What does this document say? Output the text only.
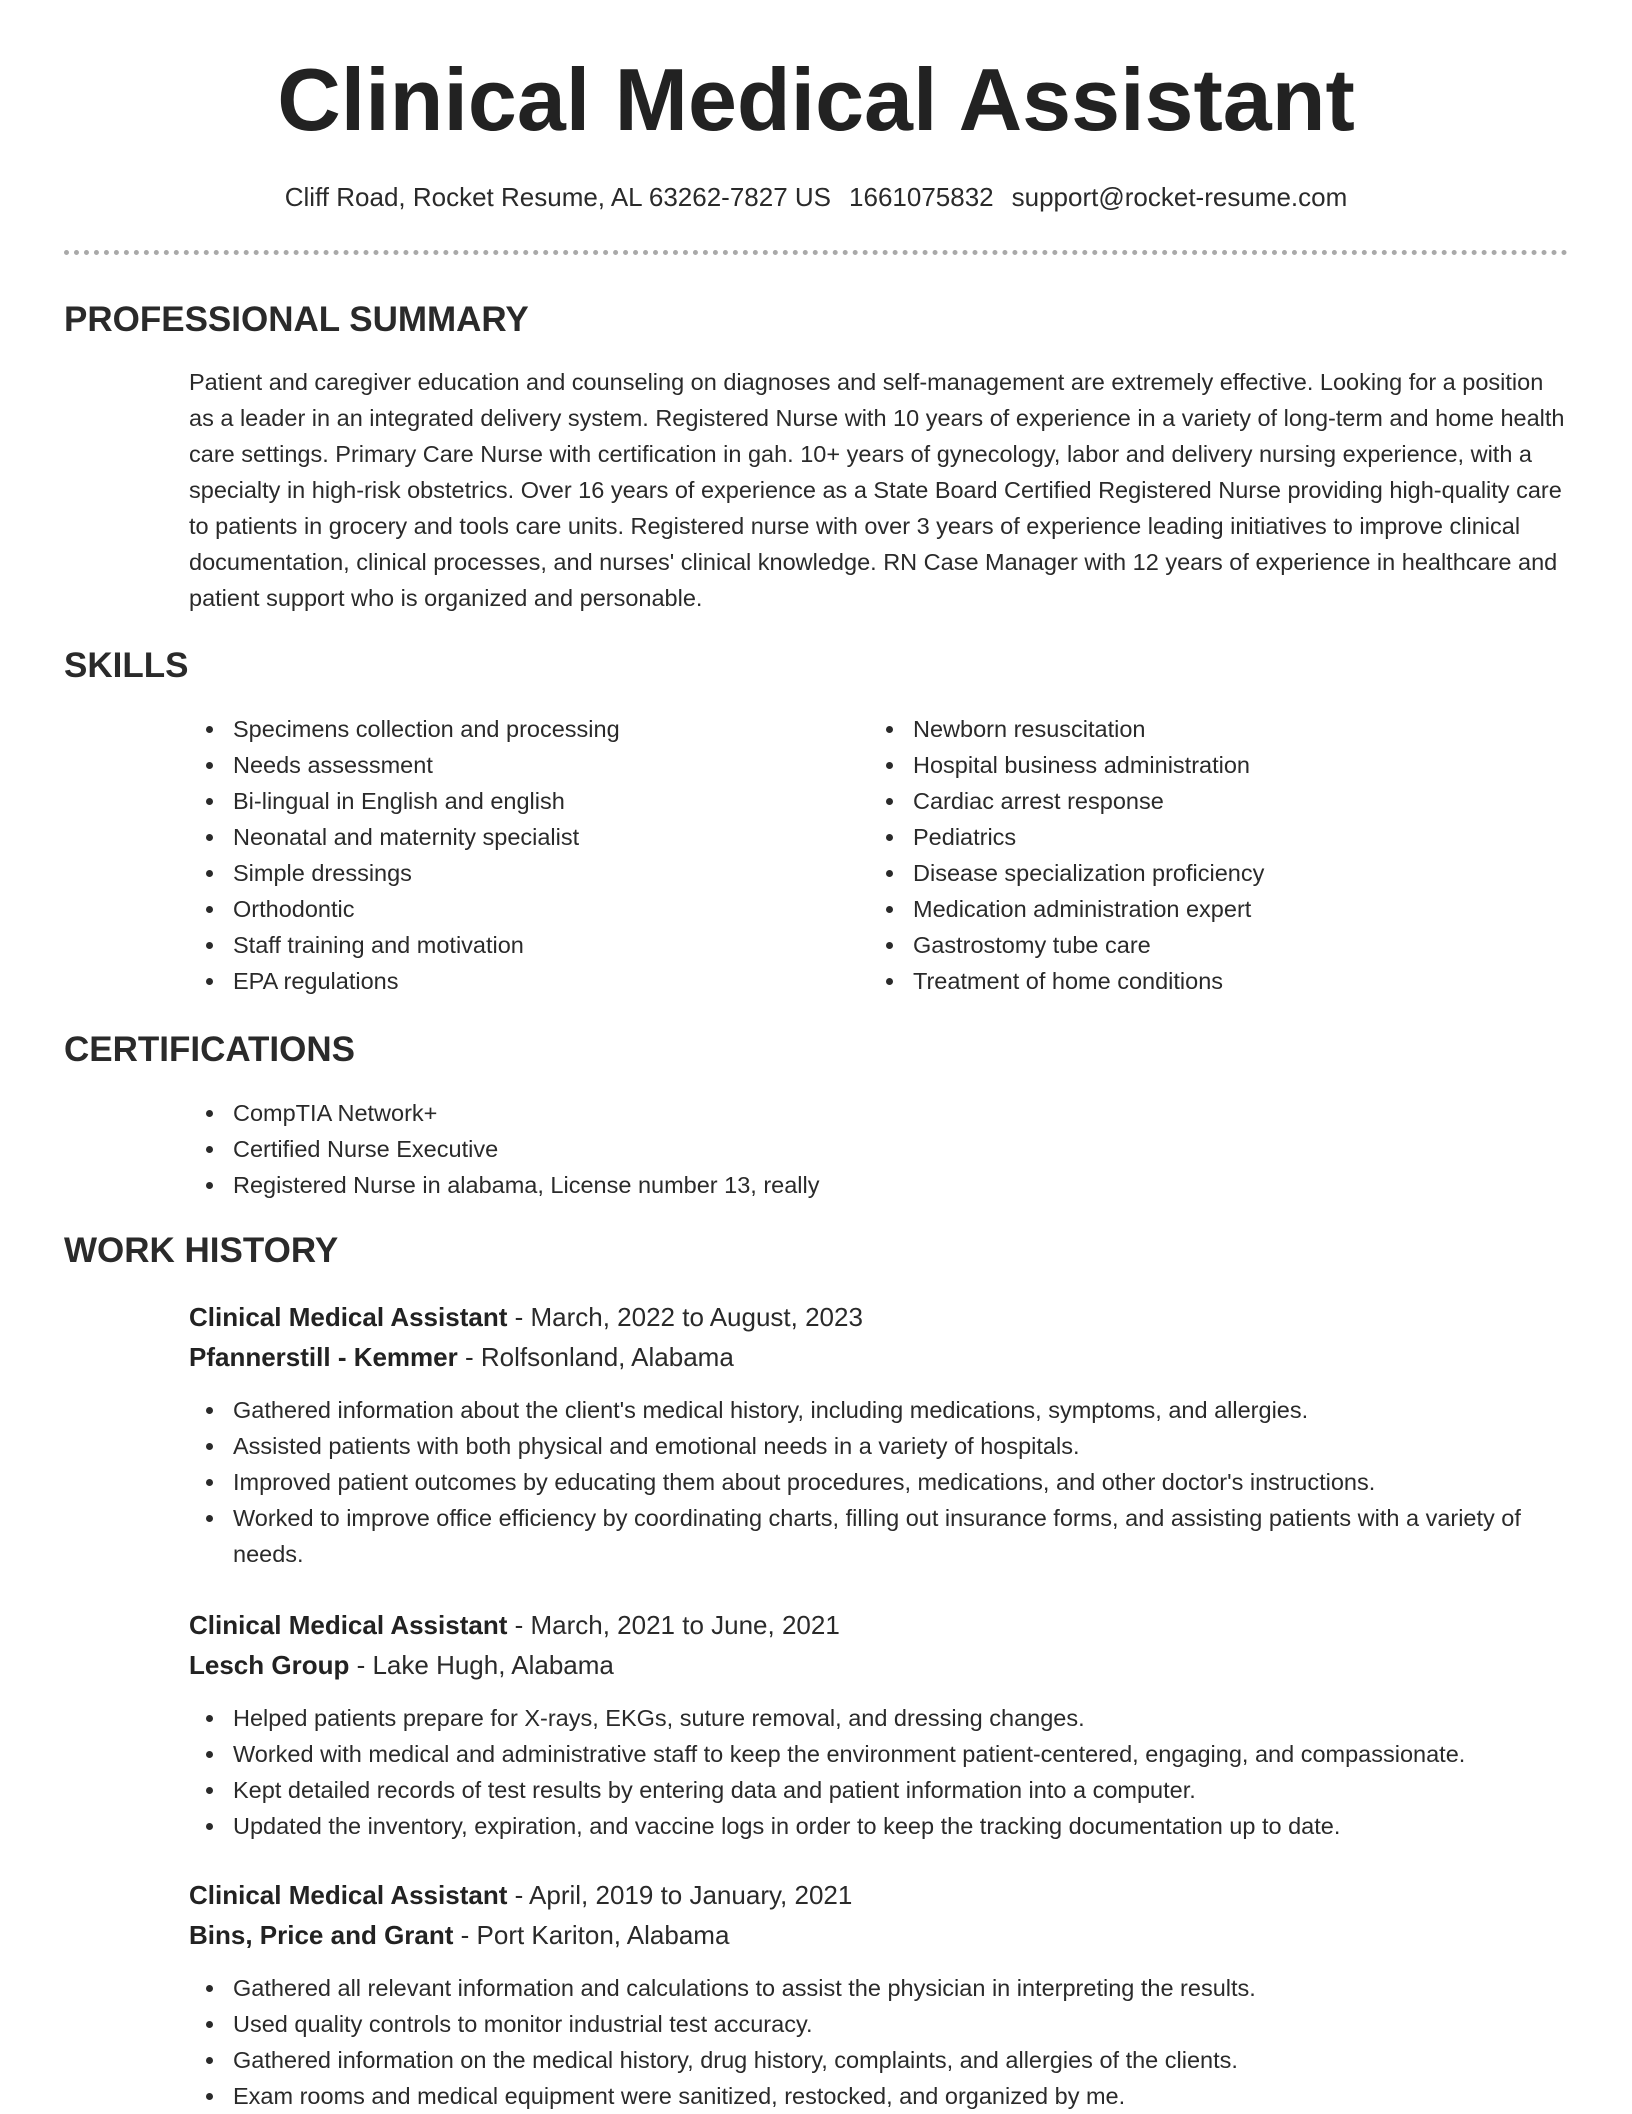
Clinical Medical Assistant
Cliff Road, Rocket Resume, AL 63262-7827 US 1661075832 support@rocket-resume.com
PROFESSIONAL SUMMARY

Patient and caregiver education and counseling on diagnoses and self-management are extremely effective. Looking for a position as a leader in an integrated delivery system. Registered Nurse with 10 years of experience in a variety of long-term and home health care settings. Primary Care Nurse with certification in gah. 10+ years of gynecology, labor and delivery nursing experience, with a specialty in high-risk obstetrics. Over 16 years of experience as a State Board Certified Registered Nurse providing high-quality care to patients in grocery and tools care units. Registered nurse with over 3 years of experience leading initiatives to improve clinical documentation, clinical processes, and nurses' clinical knowledge. RN Case Manager with 12 years of experience in healthcare and patient support who is organized and personable.

SKILLS
Specimens collection and processing
Needs assessment
Bi-lingual in English and english
Neonatal and maternity specialist
Simple dressings
Orthodontic
Staff training and motivation
EPA regulations
Newborn resuscitation
Hospital business administration
Cardiac arrest response
Pediatrics
Disease specialization proficiency
Medication administration expert
Gastrostomy tube care
Treatment of home conditions
CERTIFICATIONS
CompTIA Network+
Certified Nurse Executive
Registered Nurse in alabama, License number 13, really
WORK HISTORY
Clinical Medical Assistant - March, 2022 to August, 2023
Pfannerstill - Kemmer - Rolfsonland, Alabama
Gathered information about the client's medical history, including medications, symptoms, and allergies.
Assisted patients with both physical and emotional needs in a variety of hospitals.
Improved patient outcomes by educating them about procedures, medications, and other doctor's instructions.
Worked to improve office efficiency by coordinating charts, filling out insurance forms, and assisting patients with a variety of needs.
Clinical Medical Assistant - March, 2021 to June, 2021
Lesch Group - Lake Hugh, Alabama
Helped patients prepare for X-rays, EKGs, suture removal, and dressing changes.
Worked with medical and administrative staff to keep the environment patient-centered, engaging, and compassionate.
Kept detailed records of test results by entering data and patient information into a computer.
Updated the inventory, expiration, and vaccine logs in order to keep the tracking documentation up to date.
Clinical Medical Assistant - April, 2019 to January, 2021
Bins, Price and Grant - Port Kariton, Alabama
Gathered all relevant information and calculations to assist the physician in interpreting the results.
Used quality controls to monitor industrial test accuracy.
Gathered information on the medical history, drug history, complaints, and allergies of the clients.
Exam rooms and medical equipment were sanitized, restocked, and organized by me.
